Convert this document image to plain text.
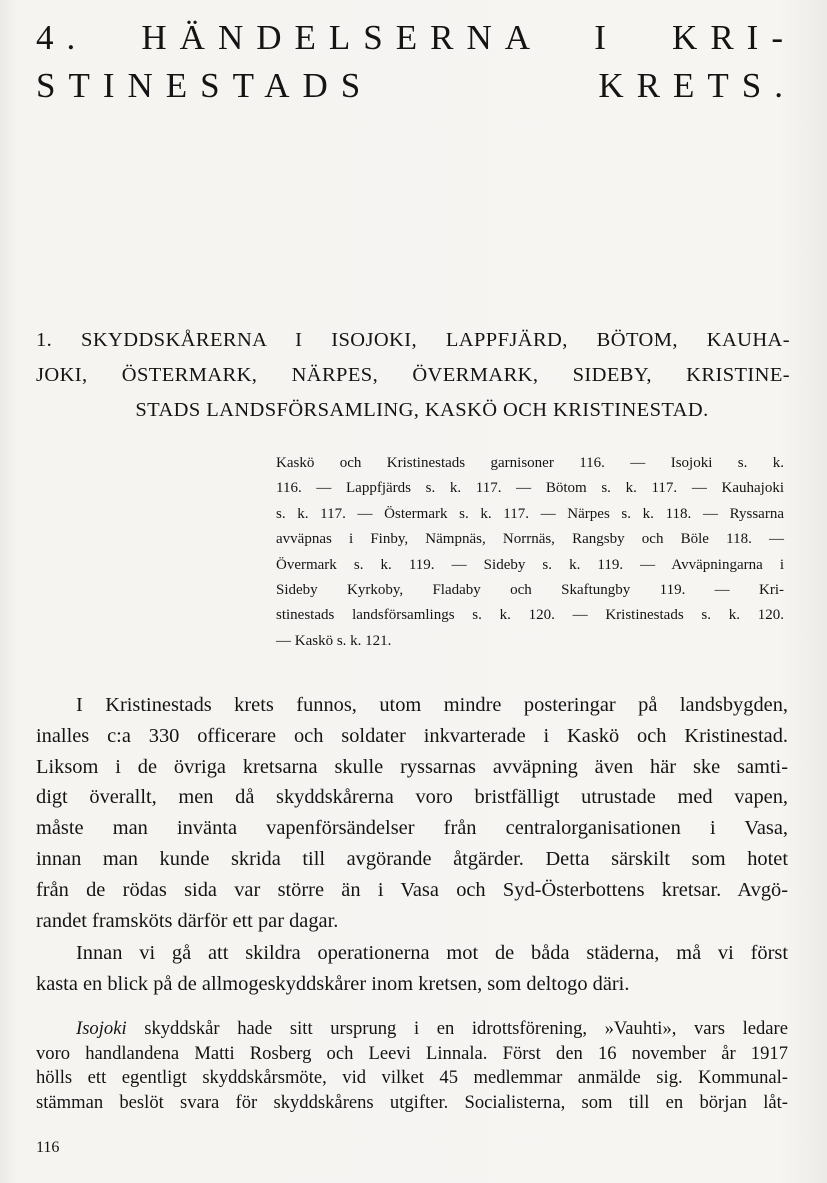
4. HÄNDELSERNA I KRI-
STINESTADS KRETS.
1. SKYDDSKÅRERNA I ISOJOKI, LAPPFJÄRD, BÖTOM, KAUHA-
JOKI, ÖSTERMARK, NÄRPES, ÖVERMARK, SIDEBY, KRISTINE-
STADS LANDSFÖRSAMLING, KASKÖ OCH KRISTINESTAD.

Kaskö och Kristinestads garnisoner 116. — Isojoki s. k.
116. — Lappfjärds s. k. 117. — Bötom s. k. 117. — Kauhajoki
s. k. 117. — Östermark s. k. 117. — Närpes s. k. 118. — Ryssarna
avväpnas i Finby, Nämpnäs, Norrnäs, Rangsby och Böle 118. —
Övermark s. k. 119. — Sideby s. k. 119. — Avväpningarna i
Sideby Kyrkoby, Fladaby och Skaftungby 119. — Kri-
stinestads landsförsamlings s. k. 120. — Kristinestads s. k. 120.
— Kaskö s. k. 121.

I Kristinestads krets funnos, utom mindre posteringar på landsbygden,
inalles c:a 330 officerare och soldater inkvarterade i Kaskö och Kristinestad.
Liksom i de övriga kretsarna skulle ryssarnas avväpning även här ske samti-
digt överallt, men då skyddskårerna voro bristfälligt utrustade med vapen,
måste man invänta vapenförsändelser från centralorganisationen i Vasa,
innan man kunde skrida till avgörande åtgärder. Detta särskilt som hotet
från de rödas sida var större än i Vasa och Syd-Österbottens kretsar. Avgö-
randet framsköts därför ett par dagar.

Innan vi gå att skildra operationerna mot de båda städerna, må vi först
kasta en blick på de allmogeskyddskårer inom kretsen, som deltogo däri.

Isojoki skyddskår hade sitt ursprung i en idrottsförening, »Vauhti», vars ledare
voro handlandena Matti Rosberg och Leevi Linnala. Först den 16 november år 1917
hölls ett egentligt skyddskårsmöte, vid vilket 45 medlemmar anmälde sig. Kommunal-
stämman beslöt svara för skyddskårens utgifter. Socialisterna, som till en början låt-

116
